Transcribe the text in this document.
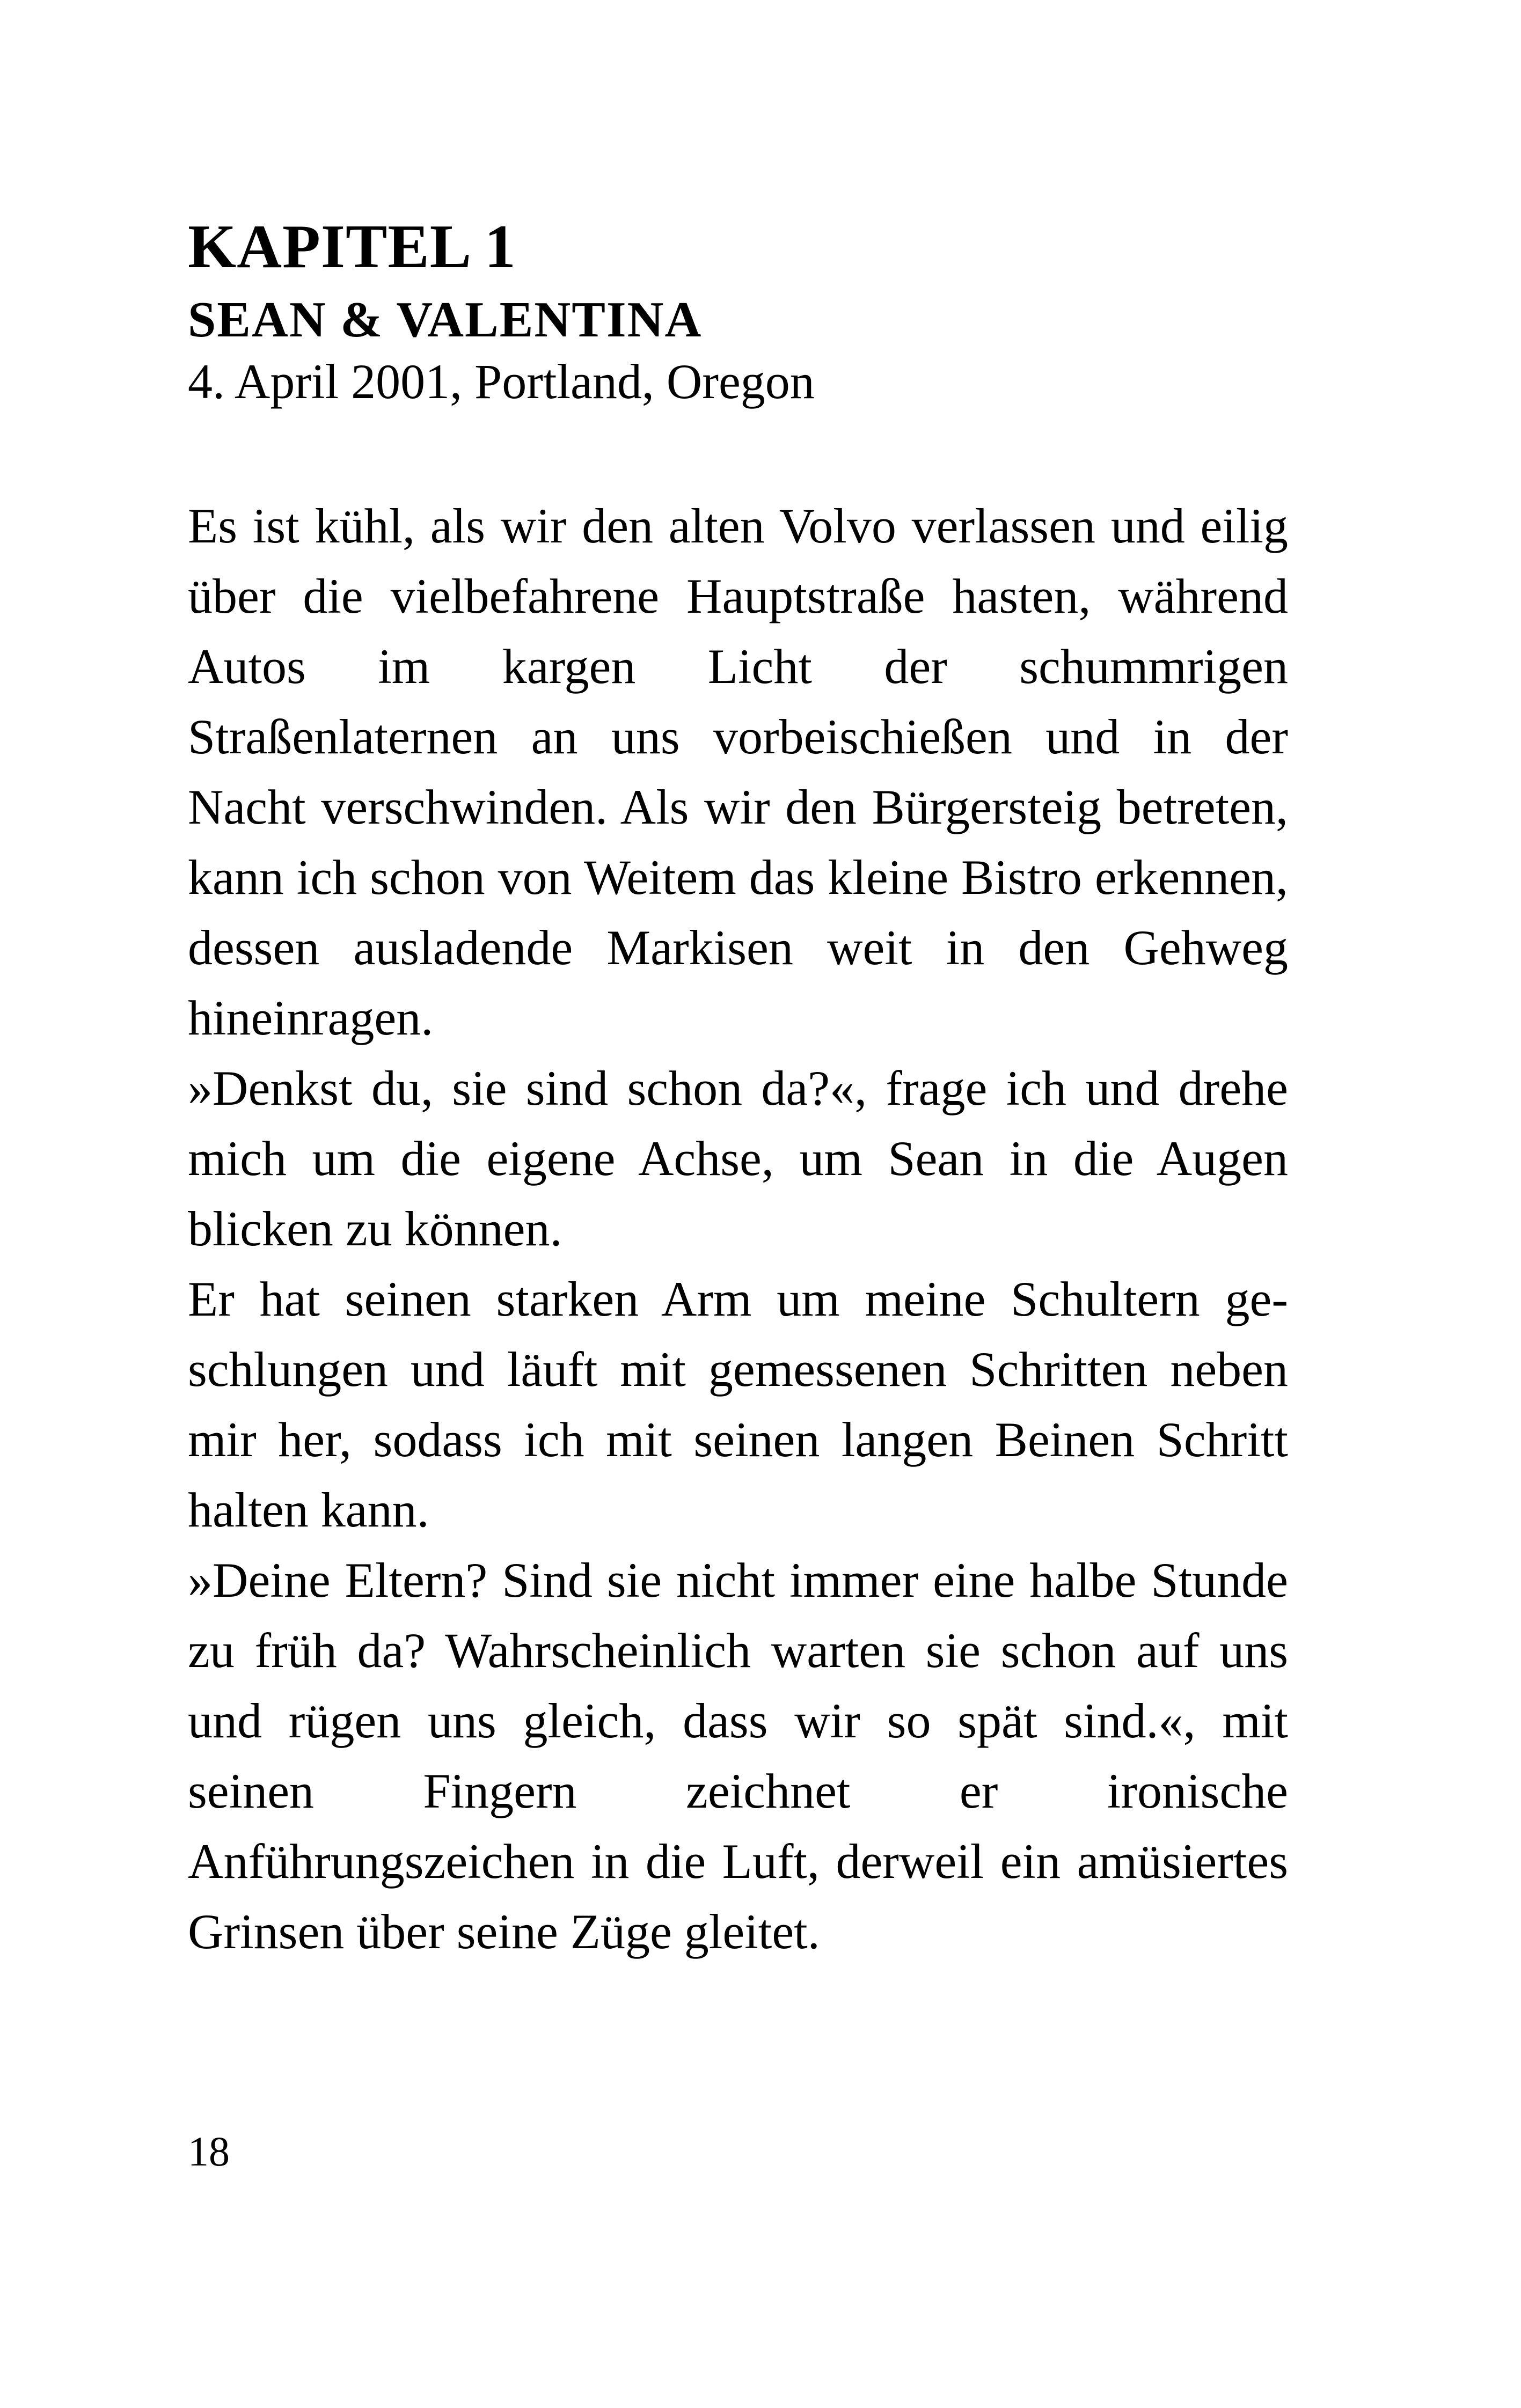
KAPITEL 1
SEAN & VALENTINA

4. April 2001, Portland, Oregon

Es ist kühl, als wir den alten Volvo verlassen und eilig über die vielbefahrene Hauptstraße hasten, während Autos im kargen Licht der schummrigen Straßenlaternen an uns vorbeischießen und in der Nacht verschwinden. Als wir den Bürgersteig betreten, kann ich schon von Weitem das kleine Bistro erkennen, dessen ausladende Markisen weit in den Gehweg hineinragen.

»Denkst du, sie sind schon da?«, frage ich und drehe mich um die eigene Achse, um Sean in die Augen blicken zu können.

Er hat seinen starken Arm um meine Schultern geschlungen und läuft mit gemessenen Schritten neben mir her, sodass ich mit seinen langen Beinen Schritt halten kann.

»Deine Eltern? Sind sie nicht immer eine halbe Stunde zu früh da? Wahrscheinlich warten sie schon auf uns und rügen uns gleich, dass wir so spät sind.«, mit seinen Fingern zeichnet er ironische Anführungszeichen in die Luft, derweil ein amüsiertes Grinsen über seine Züge gleitet.

18
